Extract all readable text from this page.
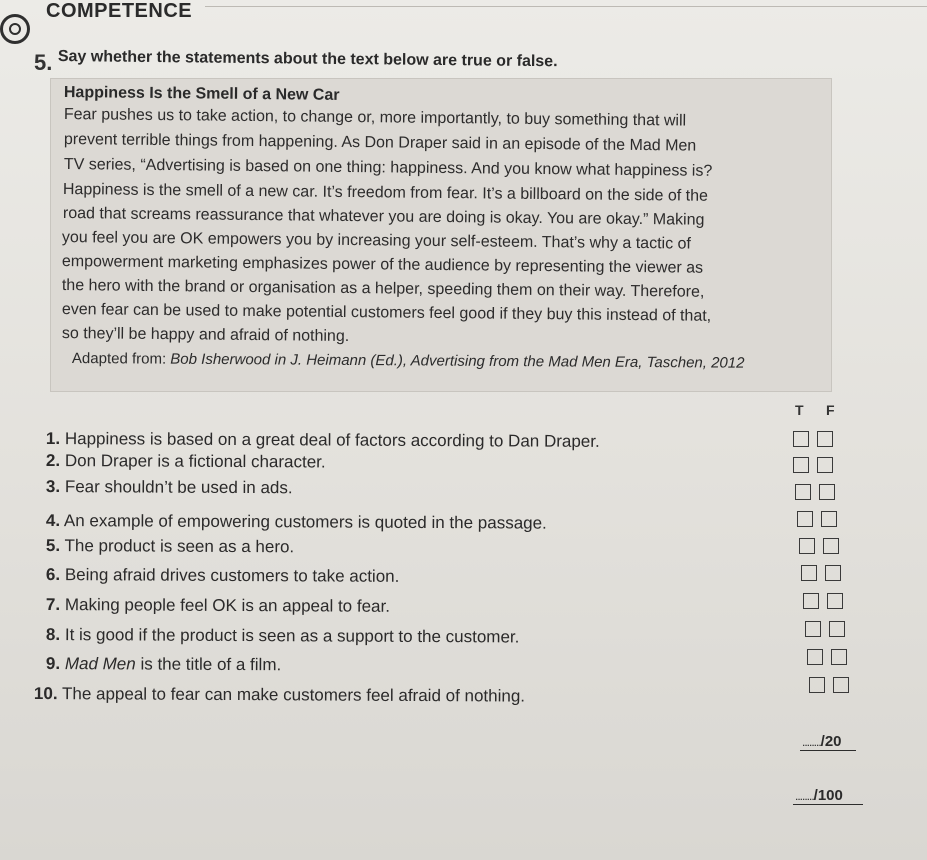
COMPETENCE
5. Say whether the statements about the text below are true or false.
Happiness Is the Smell of a New Car
Fear pushes us to take action, to change or, more importantly, to buy something that will
prevent terrible things from happening. As Don Draper said in an episode of the Mad Men
TV series, “Advertising is based on one thing: happiness. And you know what happiness is?
Happiness is the smell of a new car. It’s freedom from fear. It’s a billboard on the side of the
road that screams reassurance that whatever you are doing is okay. You are okay.” Making
you feel you are OK empowers you by increasing your self-esteem. That’s why a tactic of
empowerment marketing emphasizes power of the audience by representing the viewer as
the hero with the brand or organisation as a helper, speeding them on their way. Therefore,
even fear can be used to make potential customers feel good if they buy this instead of that,
so they’ll be happy and afraid of nothing.
Adapted from: Bob Isherwood in J. Heimann (Ed.), Advertising from the Mad Men Era, Taschen, 2012
T F
1. Happiness is based on a great deal of factors according to Dan Draper.
2. Don Draper is a fictional character.
3. Fear shouldn’t be used in ads.
4. An example of empowering customers is quoted in the passage.
5. The product is seen as a hero.
6. Being afraid drives customers to take action.
7. Making people feel OK is an appeal to fear.
8. It is good if the product is seen as a support to the customer.
9. Mad Men is the title of a film.
10. The appeal to fear can make customers feel afraid of nothing.
......../20
......../100
